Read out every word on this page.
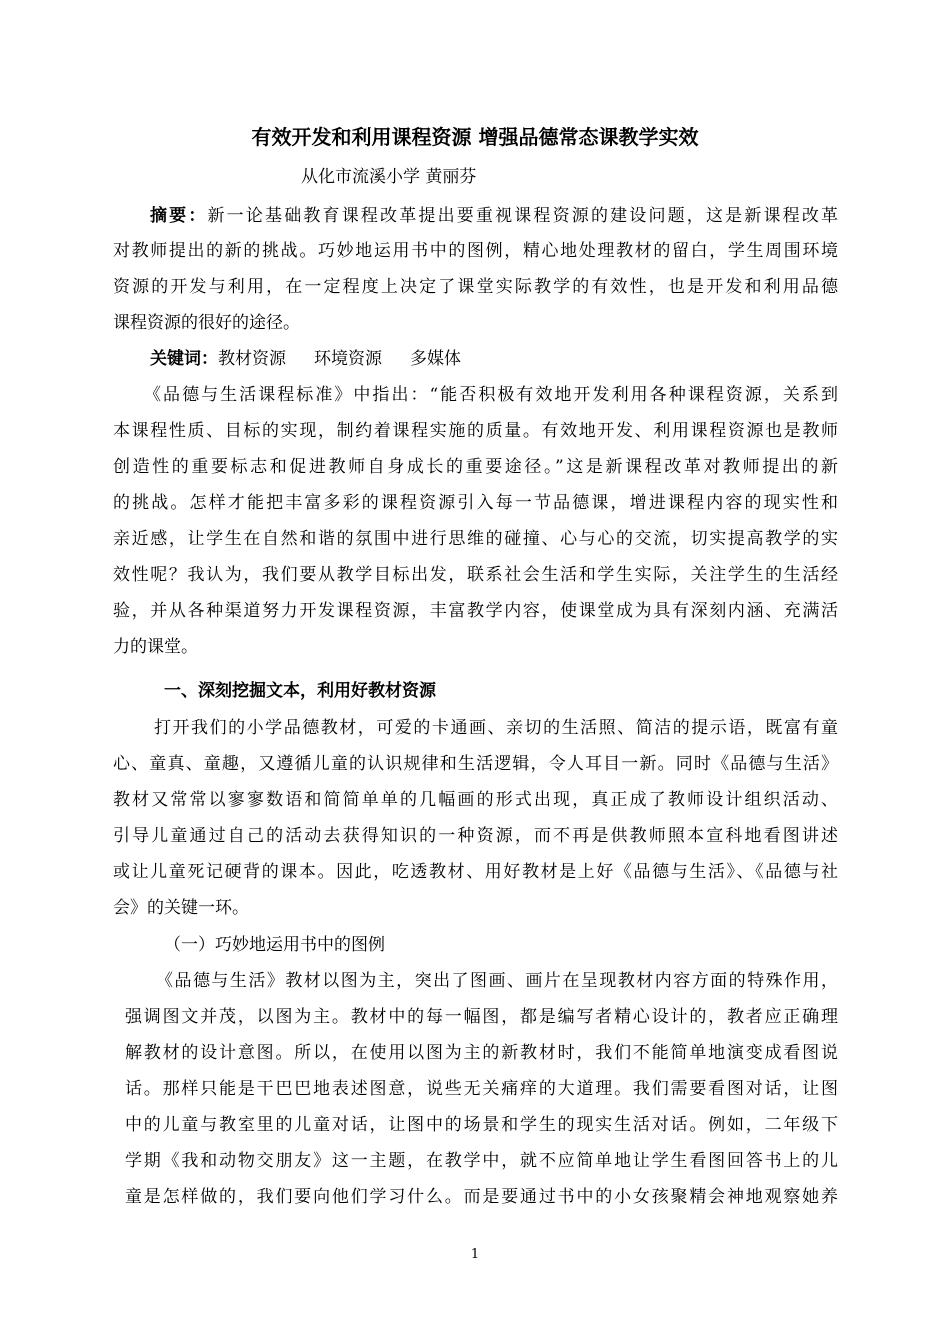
有效开发和利用课程资源 增强品德常态课教学实效
从化市流溪小学 黄丽芬
摘要：新一论基础教育课程改革提出要重视课程资源的建设问题，这是新课程改革
对教师提出的新的挑战。巧妙地运用书中的图例，精心地处理教材的留白，学生周围环境
资源的开发与利用，在一定程度上决定了课堂实际教学的有效性，也是开发和利用品德
课程资源的很好的途径。
关键词：教材资源 环境资源 多媒体
《品德与生活课程标准》中指出：“能否积极有效地开发利用各种课程资源，关系到
本课程性质、目标的实现，制约着课程实施的质量。有效地开发、利用课程资源也是教师
创造性的重要标志和促进教师自身成长的重要途径。”这是新课程改革对教师提出的新
的挑战。怎样才能把丰富多彩的课程资源引入每一节品德课，增进课程内容的现实性和
亲近感，让学生在自然和谐的氛围中进行思维的碰撞、心与心的交流，切实提高教学的实
效性呢？我认为，我们要从教学目标出发，联系社会生活和学生实际，关注学生的生活经
验，并从各种渠道努力开发课程资源，丰富教学内容，使课堂成为具有深刻内涵、充满活
力的课堂。
一、深刻挖掘文本，利用好教材资源
打开我们的小学品德教材，可爱的卡通画、亲切的生活照、简洁的提示语，既富有童
心、童真、童趣，又遵循儿童的认识规律和生活逻辑，令人耳目一新。同时《品德与生活》
教材又常常以寥寥数语和简简单单的几幅画的形式出现，真正成了教师设计组织活动、
引导儿童通过自己的活动去获得知识的一种资源，而不再是供教师照本宣科地看图讲述
或让儿童死记硬背的课本。因此，吃透教材、用好教材是上好《品德与生活》、《品德与社
会》的关键一环。
（一）巧妙地运用书中的图例
《品德与生活》教材以图为主，突出了图画、画片在呈现教材内容方面的特殊作用，
强调图文并茂，以图为主。教材中的每一幅图，都是编写者精心设计的，教者应正确理
解教材的设计意图。所以，在使用以图为主的新教材时，我们不能简单地演变成看图说
话。那样只能是干巴巴地表述图意，说些无关痛痒的大道理。我们需要看图对话，让图
中的儿童与教室里的儿童对话，让图中的场景和学生的现实生活对话。例如，二年级下
学期《我和动物交朋友》这一主题，在教学中，就不应简单地让学生看图回答书上的儿
童是怎样做的，我们要向他们学习什么。而是要通过书中的小女孩聚精会神地观察她养
1
